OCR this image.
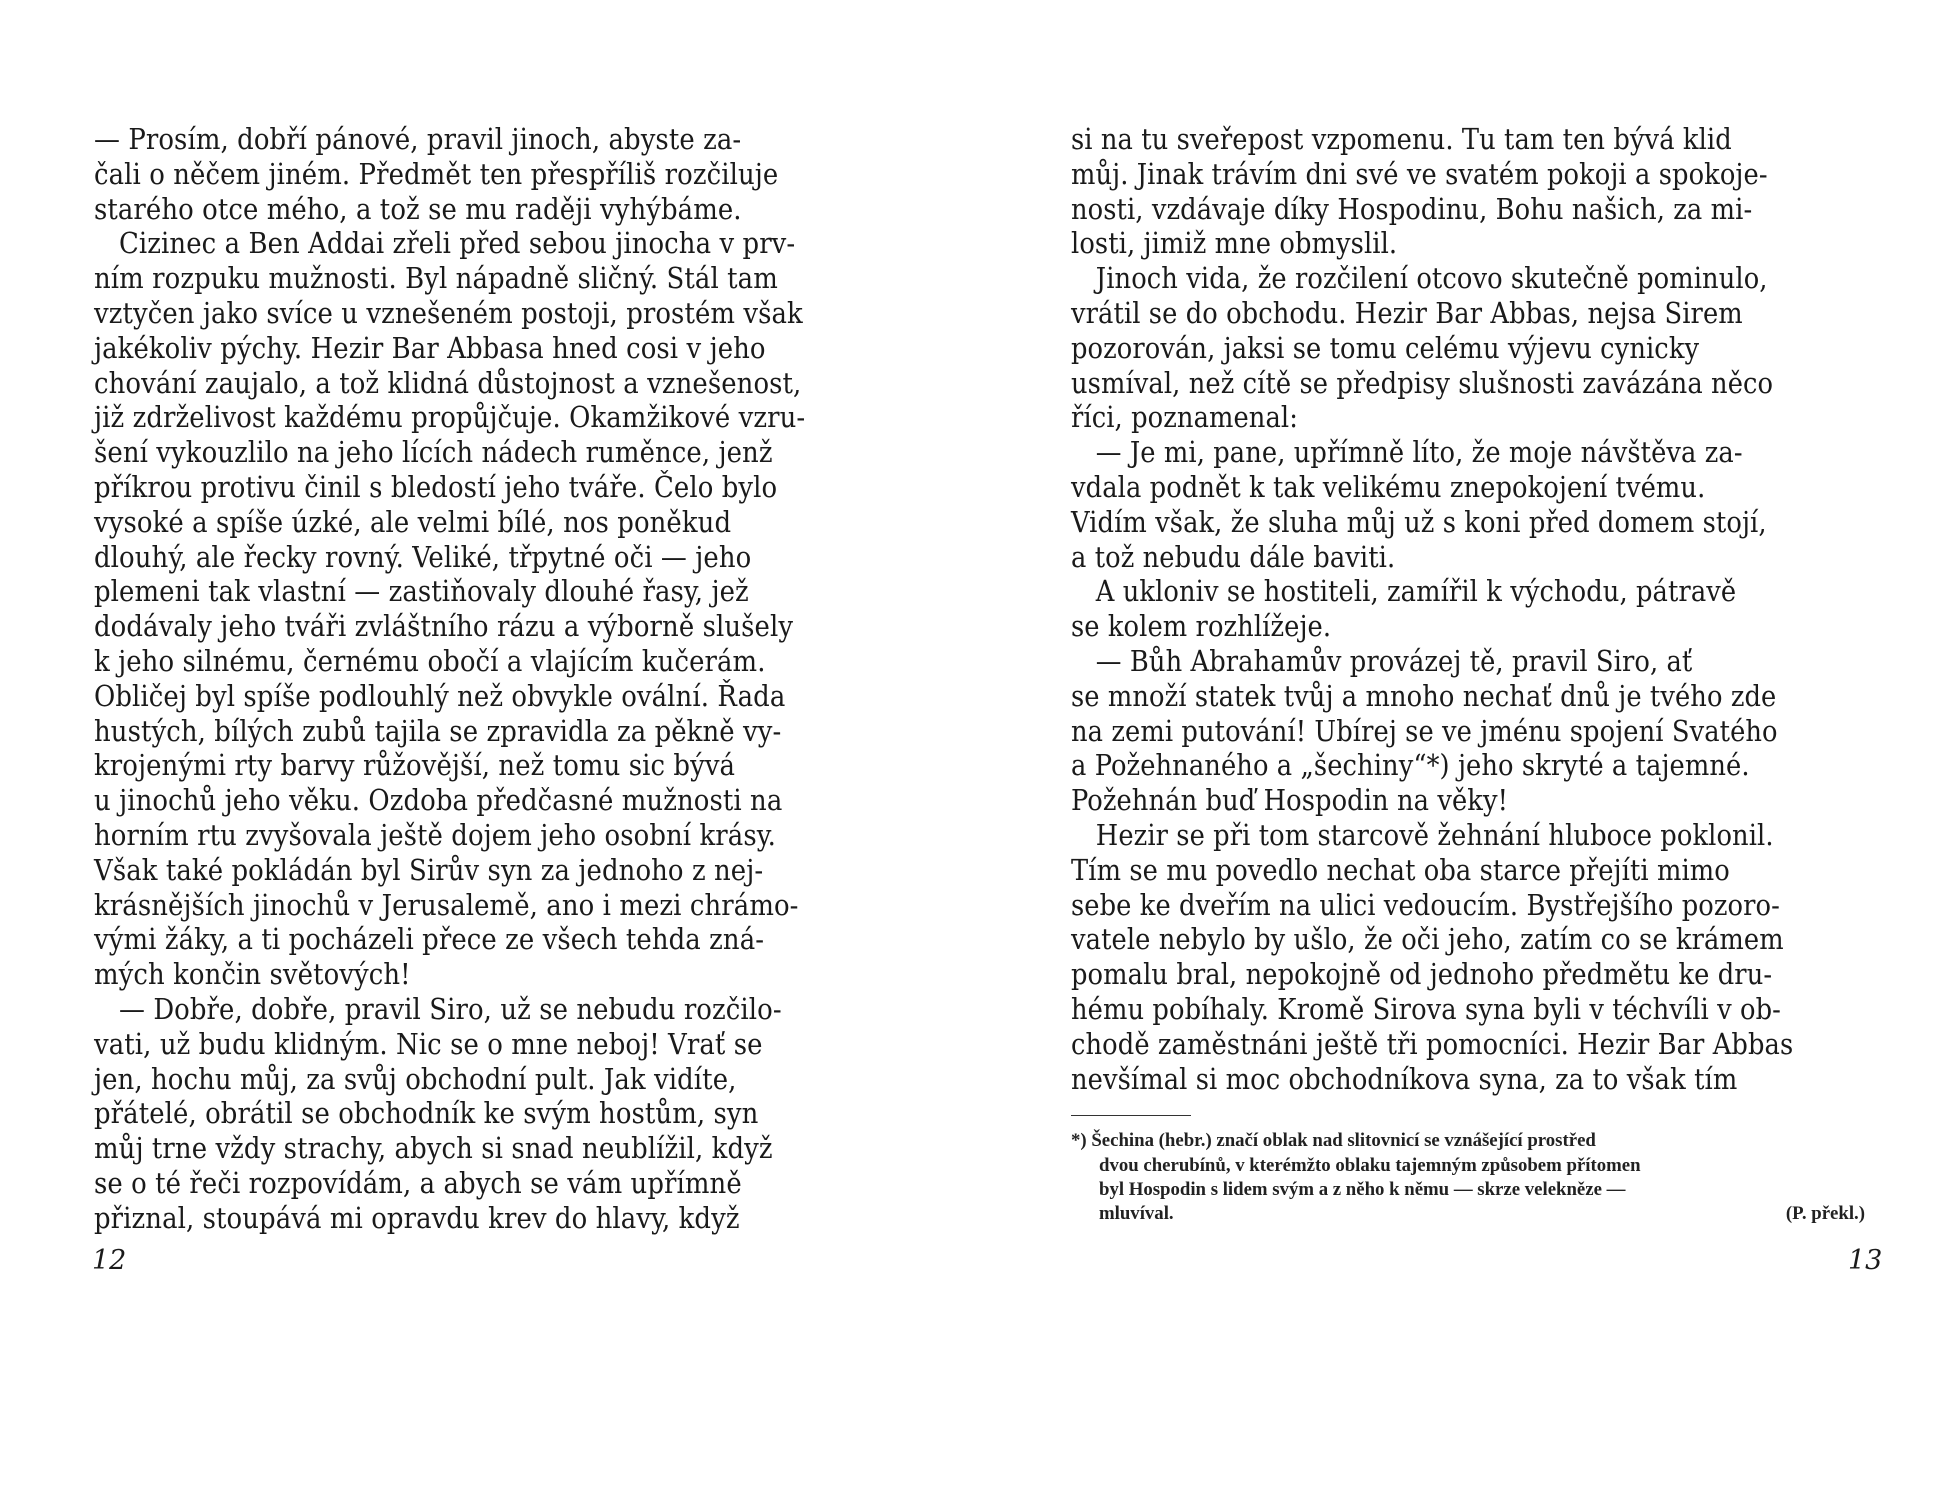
— Prosím, dobří pánové, pravil jinoch, abyste za-
čali o něčem jiném. Předmět ten přespříliš rozčiluje
starého otce mého, a tož se mu raději vyhýbáme.
Cizinec a Ben Addai zřeli před sebou jinocha v prv-
ním rozpuku mužnosti. Byl nápadně sličný. Stál tam
vztyčen jako svíce u vznešeném postoji, prostém však
jakékoliv pýchy. Hezir Bar Abbasa hned cosi v jeho
chování zaujalo, a tož klidná důstojnost a vznešenost,
již zdrželivost každému propůjčuje. Okamžikové vzru-
šení vykouzlilo na jeho lících nádech ruměnce, jenž
příkrou protivu činil s bledostí jeho tváře. Čelo bylo
vysoké a spíše úzké, ale velmi bílé, nos poněkud
dlouhý, ale řecky rovný. Veliké, třpytné oči — jeho
plemeni tak vlastní — zastiňovaly dlouhé řasy, jež
dodávaly jeho tváři zvláštního rázu a výborně slušely
k jeho silnému, černému obočí a vlajícím kučerám.
Obličej byl spíše podlouhlý než obvykle ovální. Řada
hustých, bílých zubů tajila se zpravidla za pěkně vy-
krojenými rty barvy růžovější, než tomu sic bývá
u jinochů jeho věku. Ozdoba předčasné mužnosti na
horním rtu zvyšovala ještě dojem jeho osobní krásy.
Však také pokládán byl Sirův syn za jednoho z nej-
krásnějších jinochů v Jerusalemě, ano i mezi chrámo-
vými žáky, a ti pocházeli přece ze všech tehda zná-
mých končin světových!
— Dobře, dobře, pravil Siro, už se nebudu rozčilo-
vati, už budu klidným. Nic se o mne neboj! Vrať se
jen, hochu můj, za svůj obchodní pult. Jak vidíte,
přátelé, obrátil se obchodník ke svým hostům, syn
můj trne vždy strachy, abych si snad neublížil, když
se o té řeči rozpovídám, a abych se vám upřímně
přiznal, stoupává mi opravdu krev do hlavy, když
si na tu sveřepost vzpomenu. Tu tam ten bývá klid
můj. Jinak trávím dni své ve svatém pokoji a spokoje-
nosti, vzdávaje díky Hospodinu, Bohu našich, za mi-
losti, jimiž mne obmyslil.
Jinoch vida, že rozčilení otcovo skutečně pominulo,
vrátil se do obchodu. Hezir Bar Abbas, nejsa Sirem
pozorován, jaksi se tomu celému výjevu cynicky
usmíval, než cítě se předpisy slušnosti zavázána něco
říci, poznamenal:
— Je mi, pane, upřímně líto, že moje návštěva za-
vdala podnět k tak velikému znepokojení tvému.
Vidím však, že sluha můj už s koni před domem stojí,
a tož nebudu dále baviti.
A ukloniv se hostiteli, zamířil k východu, pátravě
se kolem rozhlížeje.
— Bůh Abrahamův provázej tě, pravil Siro, ať
se množí statek tvůj a mnoho nechať dnů je tvého zde
na zemi putování! Ubírej se ve jménu spojení Svatého
a Požehnaného a „šechiny“*) jeho skryté a tajemné.
Požehnán buď Hospodin na věky!
Hezir se při tom starcově žehnání hluboce poklonil.
Tím se mu povedlo nechat oba starce přejíti mimo
sebe ke dveřím na ulici vedoucím. Bystřejšího pozoro-
vatele nebylo by ušlo, že oči jeho, zatím co se krámem
pomalu bral, nepokojně od jednoho předmětu ke dru-
hému pobíhaly. Kromě Sirova syna byli v téchvíli v ob-
chodě zaměstnáni ještě tři pomocníci. Hezir Bar Abbas
nevšímal si moc obchodníkova syna, za to však tím
*) Šechina (hebr.) značí oblak nad slitovnicí se vznášející prostřed
dvou cherubínů, v kterémžto oblaku tajemným způsobem přítomen
byl Hospodin s lidem svým a z něho k němu — skrze velekněze —
mluvíval.	(P. překl.)
12	13
